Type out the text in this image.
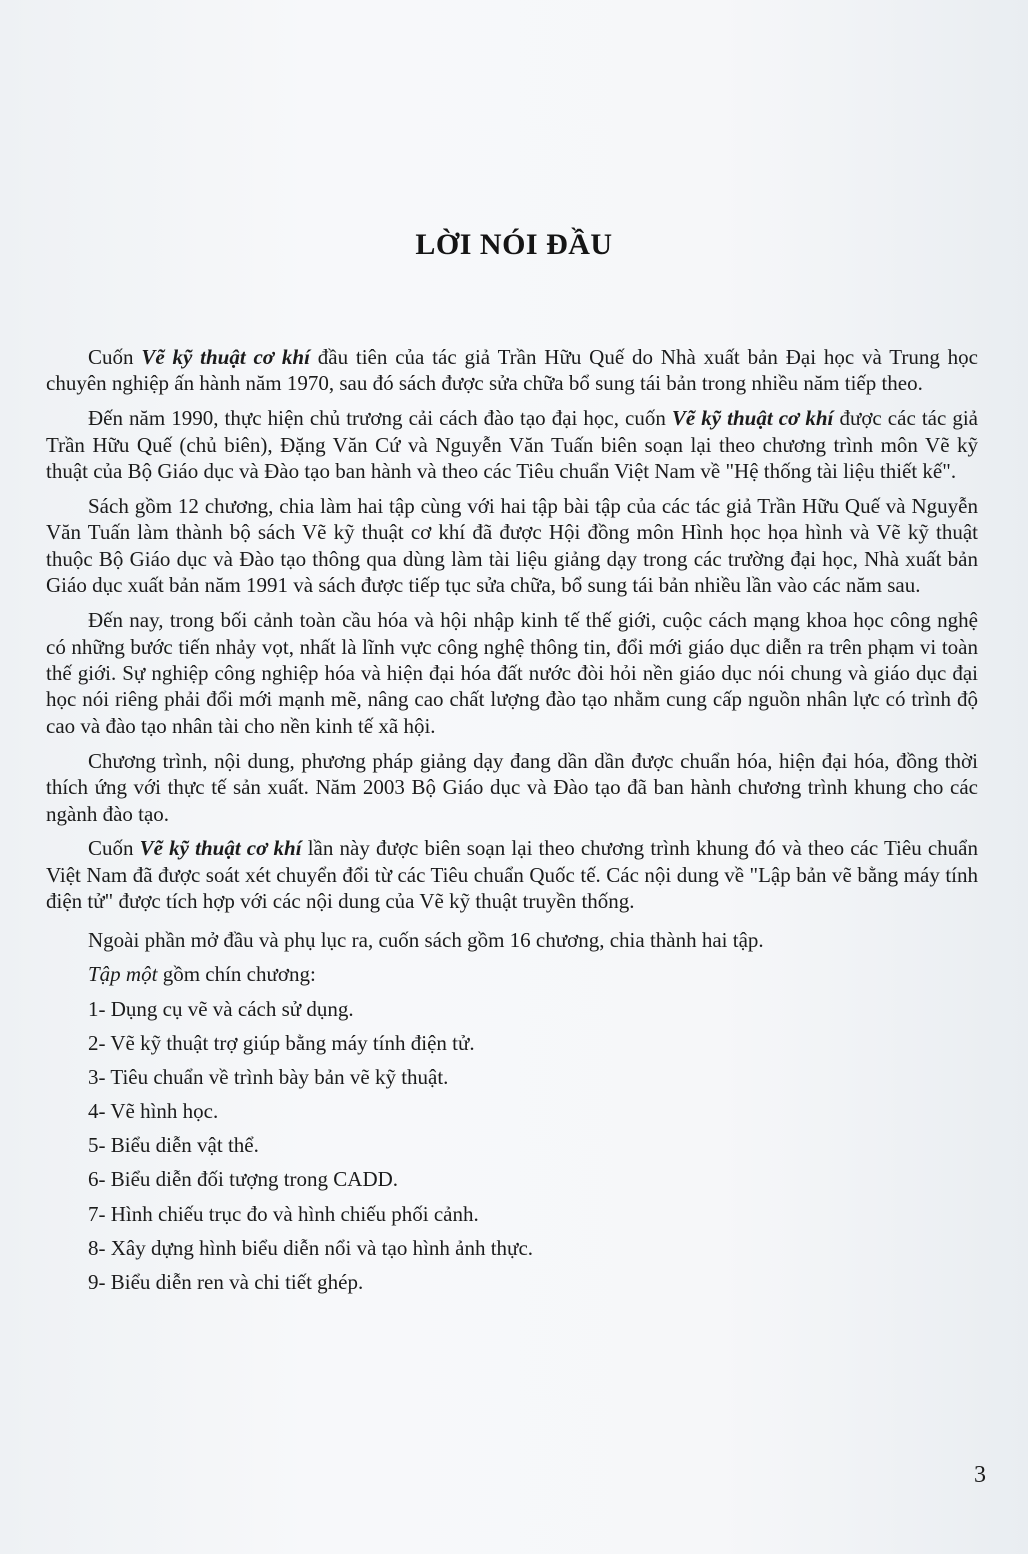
LỜI NÓI ĐẦU

Cuốn Vẽ kỹ thuật cơ khí đầu tiên của tác giả Trần Hữu Quế do Nhà xuất bản Đại học và Trung học chuyên nghiệp ấn hành năm 1970, sau đó sách được sửa chữa bổ sung tái bản trong nhiều năm tiếp theo.

Đến năm 1990, thực hiện chủ trương cải cách đào tạo đại học, cuốn Vẽ kỹ thuật cơ khí được các tác giả Trần Hữu Quế (chủ biên), Đặng Văn Cứ và Nguyễn Văn Tuấn biên soạn lại theo chương trình môn Vẽ kỹ thuật của Bộ Giáo dục và Đào tạo ban hành và theo các Tiêu chuẩn Việt Nam về "Hệ thống tài liệu thiết kế".

Sách gồm 12 chương, chia làm hai tập cùng với hai tập bài tập của các tác giả Trần Hữu Quế và Nguyễn Văn Tuấn làm thành bộ sách Vẽ kỹ thuật cơ khí đã được Hội đồng môn Hình học họa hình và Vẽ kỹ thuật thuộc Bộ Giáo dục và Đào tạo thông qua dùng làm tài liệu giảng dạy trong các trường đại học, Nhà xuất bản Giáo dục xuất bản năm 1991 và sách được tiếp tục sửa chữa, bổ sung tái bản nhiều lần vào các năm sau.

Đến nay, trong bối cảnh toàn cầu hóa và hội nhập kinh tế thế giới, cuộc cách mạng khoa học công nghệ có những bước tiến nhảy vọt, nhất là lĩnh vực công nghệ thông tin, đổi mới giáo dục diễn ra trên phạm vi toàn thế giới. Sự nghiệp công nghiệp hóa và hiện đại hóa đất nước đòi hỏi nền giáo dục nói chung và giáo dục đại học nói riêng phải đổi mới mạnh mẽ, nâng cao chất lượng đào tạo nhằm cung cấp nguồn nhân lực có trình độ cao và đào tạo nhân tài cho nền kinh tế xã hội.

Chương trình, nội dung, phương pháp giảng dạy đang dần dần được chuẩn hóa, hiện đại hóa, đồng thời thích ứng với thực tế sản xuất. Năm 2003 Bộ Giáo dục và Đào tạo đã ban hành chương trình khung cho các ngành đào tạo.

Cuốn Vẽ kỹ thuật cơ khí lần này được biên soạn lại theo chương trình khung đó và theo các Tiêu chuẩn Việt Nam đã được soát xét chuyển đổi từ các Tiêu chuẩn Quốc tế. Các nội dung về "Lập bản vẽ bằng máy tính điện tử" được tích hợp với các nội dung của Vẽ kỹ thuật truyền thống.

Ngoài phần mở đầu và phụ lục ra, cuốn sách gồm 16 chương, chia thành hai tập.

Tập một gồm chín chương:

1- Dụng cụ vẽ và cách sử dụng.

2- Vẽ kỹ thuật trợ giúp bằng máy tính điện tử.

3- Tiêu chuẩn về trình bày bản vẽ kỹ thuật.

4- Vẽ hình học.

5- Biểu diễn vật thể.

6- Biểu diễn đối tượng trong CADD.

7- Hình chiếu trục đo và hình chiếu phối cảnh.

8- Xây dựng hình biểu diễn nổi và tạo hình ảnh thực.

9- Biểu diễn ren và chi tiết ghép.

3
